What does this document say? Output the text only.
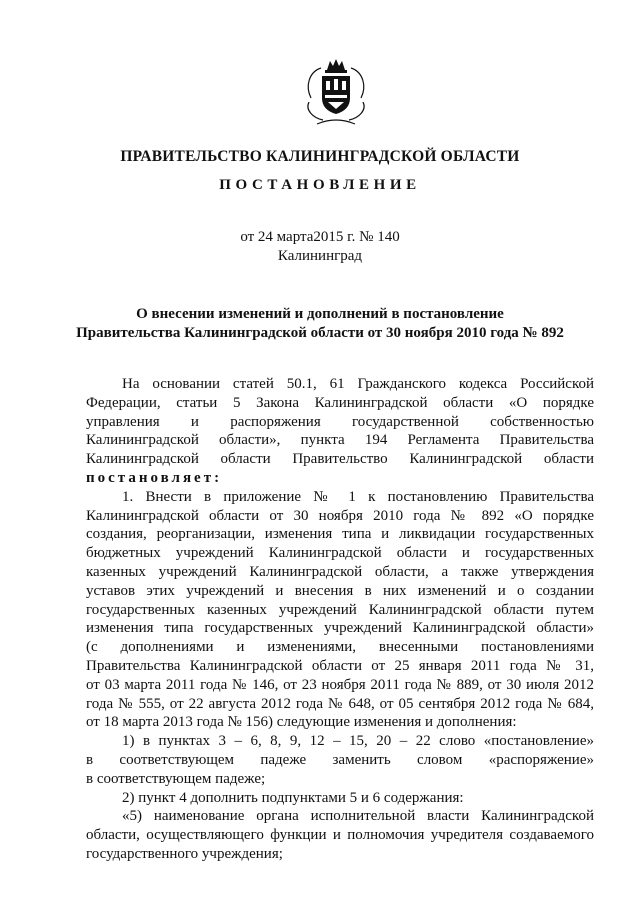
ПРАВИТЕЛЬСТВО КАЛИНИНГРАДСКОЙ ОБЛАСТИ
ПОСТАНОВЛЕНИЕ
от 24 марта2015 г. № 140
Калининград
О внесении изменений и дополнений в постановление
Правительства Калининградской области от 30 ноября 2010 года № 892
На основании статей 50.1, 61 Гражданского кодекса Российской
Федерации, статьи 5 Закона Калининградской области «О порядке
управления и распоряжения государственной собственностью
Калининградской области», пункта 194 Регламента Правительства
Калининградской области Правительство Калининградской области
постановляет:
1. Внести в приложение № 1 к постановлению Правительства
Калининградской области от 30 ноября 2010 года № 892 «О порядке
создания, реорганизации, изменения типа и ликвидации государственных
бюджетных учреждений Калининградской области и государственных
казенных учреждений Калининградской области, а также утверждения
уставов этих учреждений и внесения в них изменений и о создании
государственных казенных учреждений Калининградской области путем
изменения типа государственных учреждений Калининградской области»
(с дополнениями и изменениями, внесенными постановлениями
Правительства Калининградской области от 25 января 2011 года № 31,
от 03 марта 2011 года № 146, от 23 ноября 2011 года № 889, от 30 июля 2012
года № 555, от 22 августа 2012 года № 648, от 05 сентября 2012 года № 684,
от 18 марта 2013 года № 156) следующие изменения и дополнения:
1) в пунктах 3 – 6, 8, 9, 12 – 15, 20 – 22 слово «постановление»
в соответствующем падеже заменить словом «распоряжение»
в соответствующем падеже;
2) пункт 4 дополнить подпунктами 5 и 6 содержания:
«5) наименование органа исполнительной власти Калининградской
области, осуществляющего функции и полномочия учредителя создаваемого
государственного учреждения;
